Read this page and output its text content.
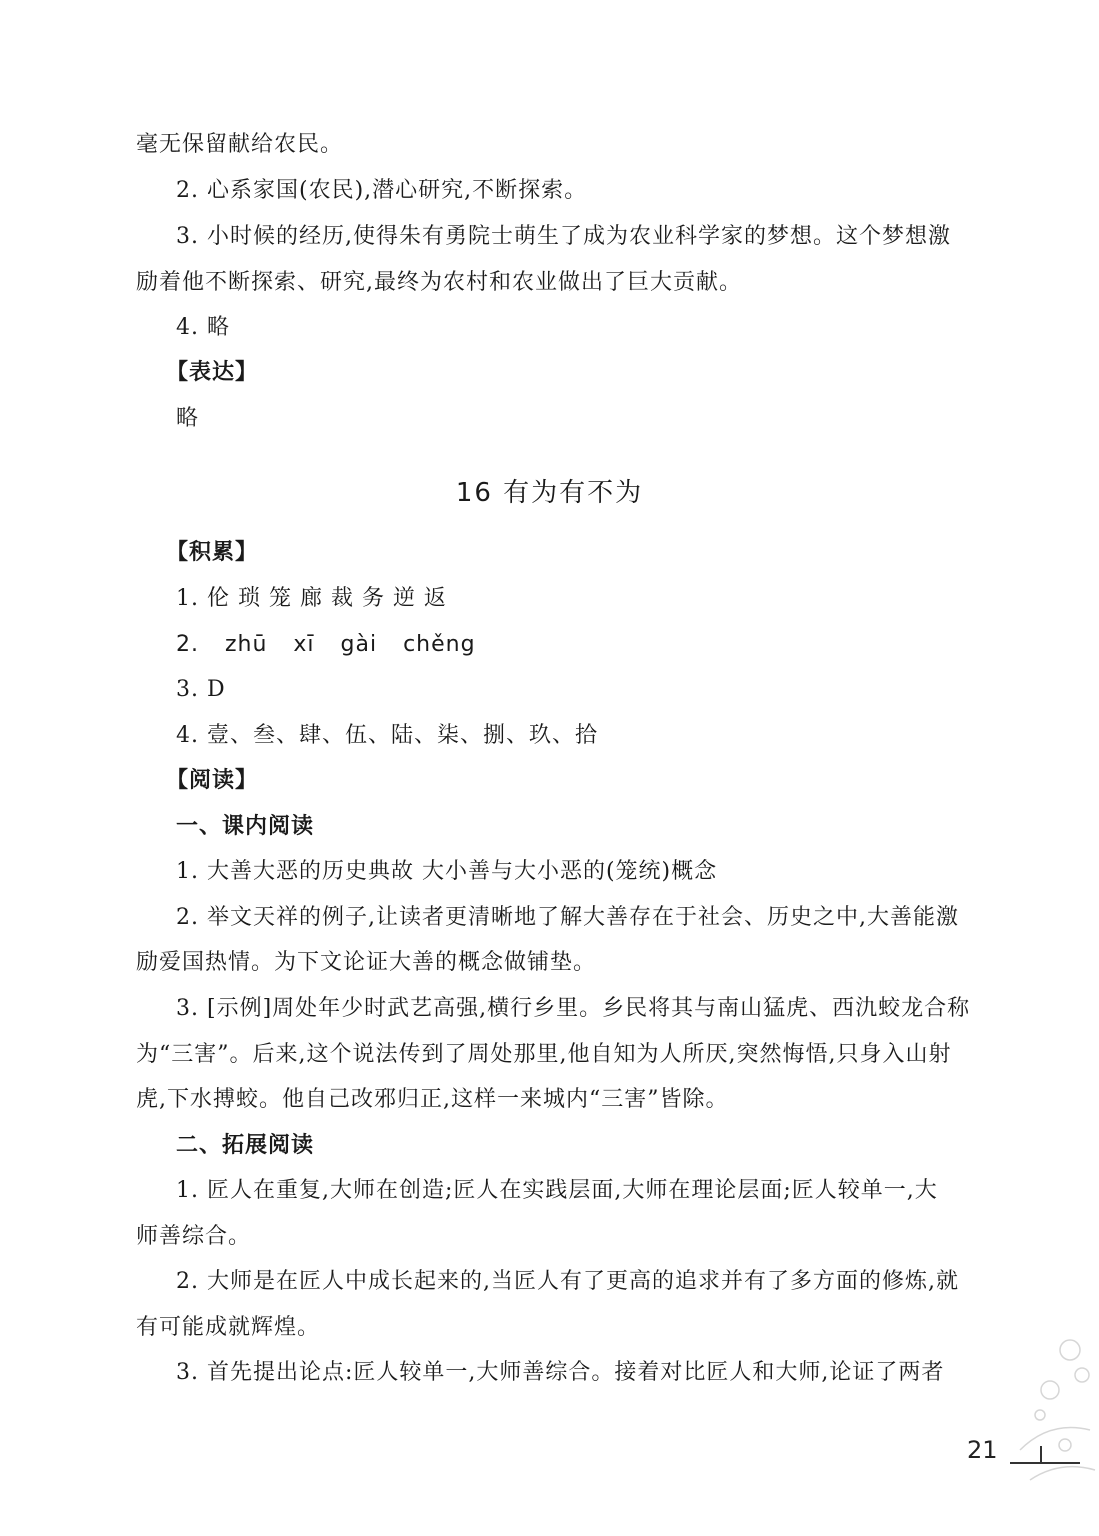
毫无保留献给农民。
2. 心系家国(农民),潜心研究,不断探索。
3. 小时候的经历,使得朱有勇院士萌生了成为农业科学家的梦想。这个梦想激
励着他不断探索、研究,最终为农村和农业做出了巨大贡献。
4. 略
【表达】
略
16 有为有不为
【积累】
1. 伦 琐 笼 廊 裁 务 逆 返
2. zhū xī gài chěng
3. D
4. 壹、叁、肆、伍、陆、柒、捌、玖、拾
【阅读】
一、课内阅读
1. 大善大恶的历史典故 大小善与大小恶的(笼统)概念
2. 举文天祥的例子,让读者更清晰地了解大善存在于社会、历史之中,大善能激
励爱国热情。为下文论证大善的概念做铺垫。
3. [示例]周处年少时武艺高强,横行乡里。乡民将其与南山猛虎、西氿蛟龙合称
为“三害”。后来,这个说法传到了周处那里,他自知为人所厌,突然悔悟,只身入山射
虎,下水搏蛟。他自己改邪归正,这样一来城内“三害”皆除。
二、拓展阅读
1. 匠人在重复,大师在创造;匠人在实践层面,大师在理论层面;匠人较单一,大
师善综合。
2. 大师是在匠人中成长起来的,当匠人有了更高的追求并有了多方面的修炼,就
有可能成就辉煌。
3. 首先提出论点:匠人较单一,大师善综合。接着对比匠人和大师,论证了两者
21
